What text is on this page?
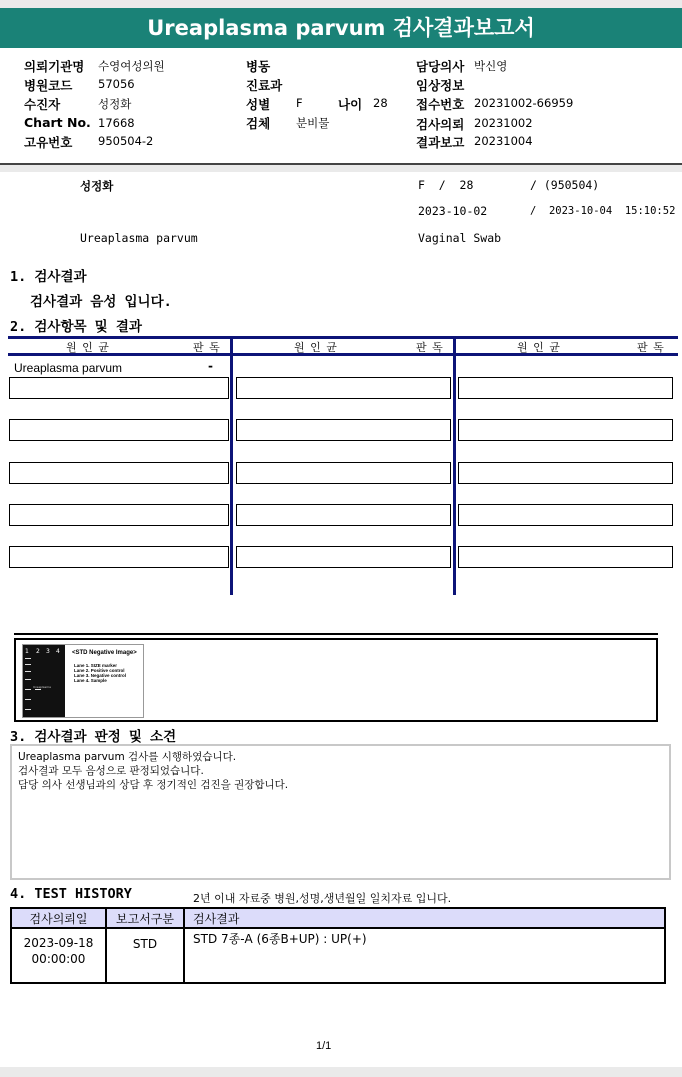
Ureaplasma parvum 검사결과보고서
의뢰기관명 수영여성의원
병원코드 57056
수진자	성정화
Chart No. 17668
고유번호 950504-2
병동
진료과
성별 F	나이 28
검체 분비물
담당의사 박신영
임상정보
접수번호 20231002-66959
검사의뢰 20231002
결과보고 20231004
성정화	F  /  28	/ (950504)
2023-10-02	/  2023-10-04  15:10:52
Ureaplasma parvum	Vaginal Swab
1. 검사결과
검사결과 음성 입니다.
2. 검사항목 및 결과
원 인 균	판 독	원 인 균	판 독	원 인 균	판 독
Ureaplasma parvum	-
1 2 3 4
Ureaplasma
<STD Negative Image>
Lane 1. SIZE marker
Lane 2. Positive control
Lane 3. Negative control
Lane 4. Sample
3. 검사결과 판정 및 소견
Ureaplasma parvum 검사를 시행하였습니다.
검사결과 모두 음성으로 판정되었습니다.
담당 의사 선생님과의 상담 후 정기적인 검진을 권장합니다.
4. TEST HISTORY	2년 이내 자료중 병원,성명,생년월일 일치자료 입니다.
검사의뢰일	보고서구분	검사결과

2023-09-18
00:00:00	STD	STD 7종-A (6종B+UP) : UP(+)
1/1
